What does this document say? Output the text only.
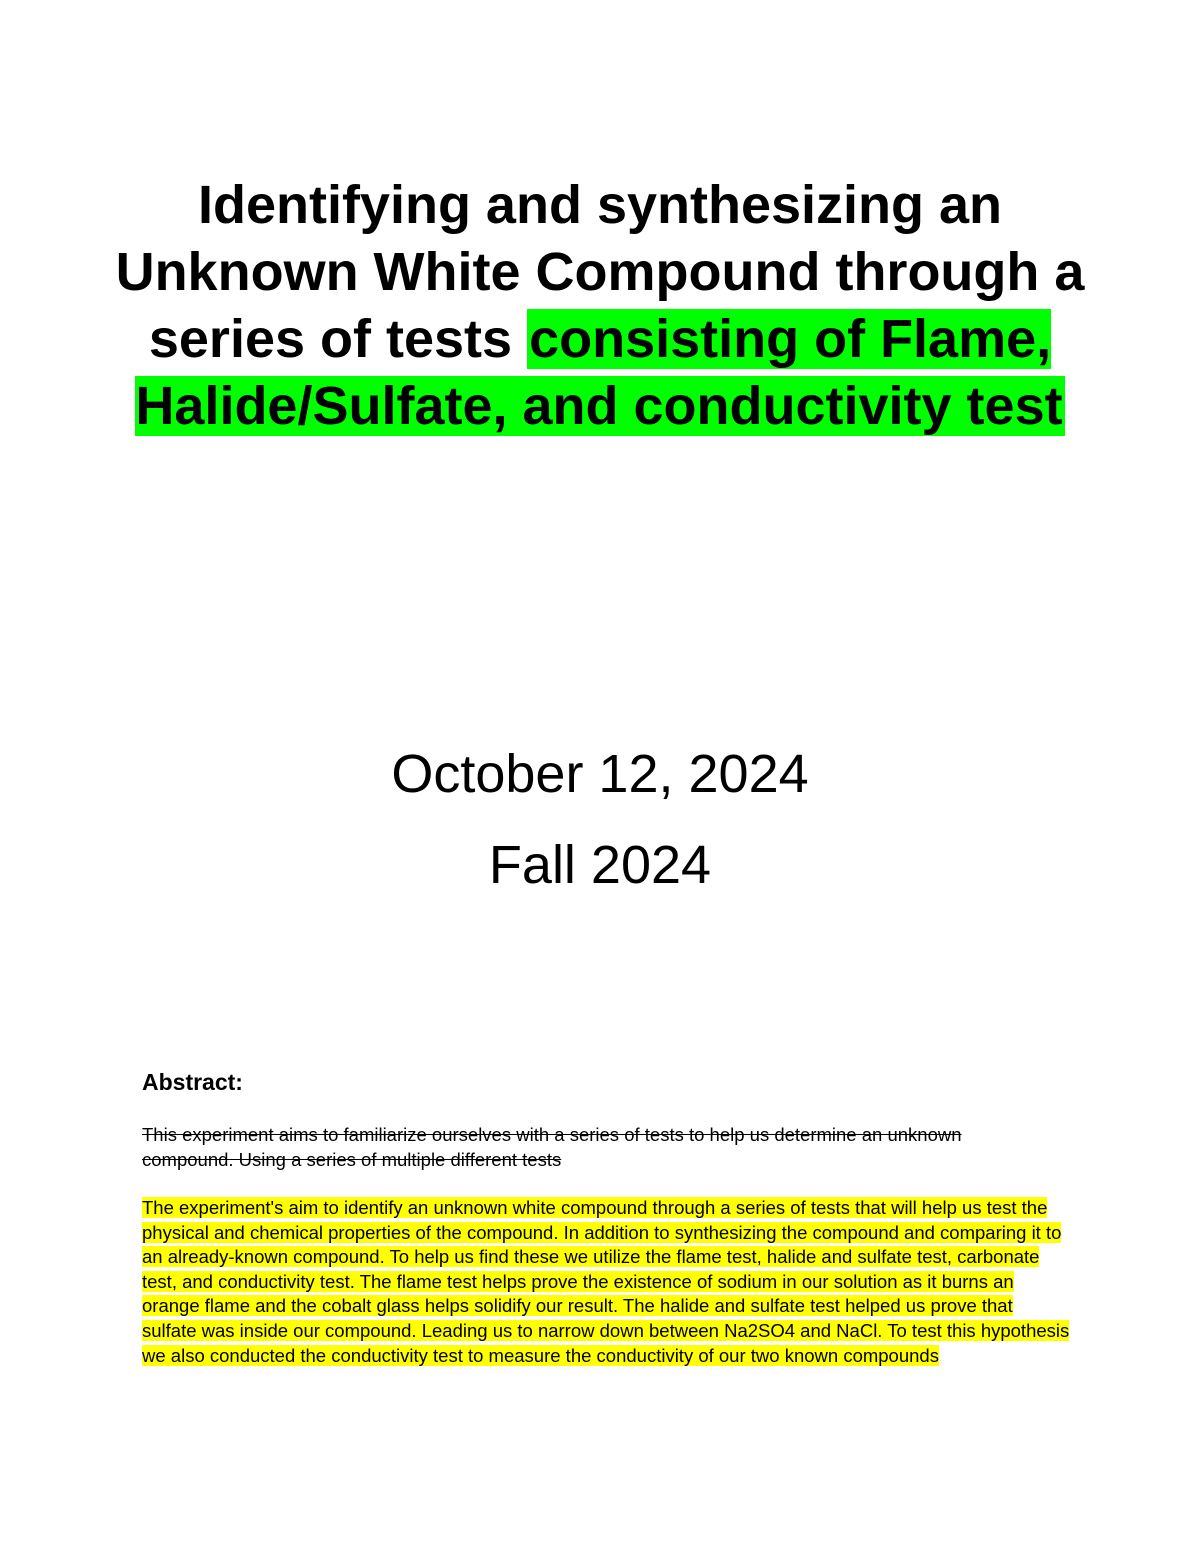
Identifying and synthesizing an Unknown White Compound through a series of tests consisting of Flame, Halide/Sulfate, and conductivity test

October 12, 2024

Fall 2024

Abstract:

This experiment aims to familiarize ourselves with a series of tests to help us determine an unknown compound. Using a series of multiple different tests

The experiment's aim to identify an unknown white compound through a series of tests that will help us test the physical and chemical properties of the compound. In addition to synthesizing the compound and comparing it to an already-known compound. To help us find these we utilize the flame test, halide and sulfate test, carbonate test, and conductivity test. The flame test helps prove the existence of sodium in our solution as it burns an orange flame and the cobalt glass helps solidify our result. The halide and sulfate test helped us prove that sulfate was inside our compound. Leading us to narrow down between Na2SO4 and NaCl. To test this hypothesis we also conducted the conductivity test to measure the conductivity of our two known compounds
